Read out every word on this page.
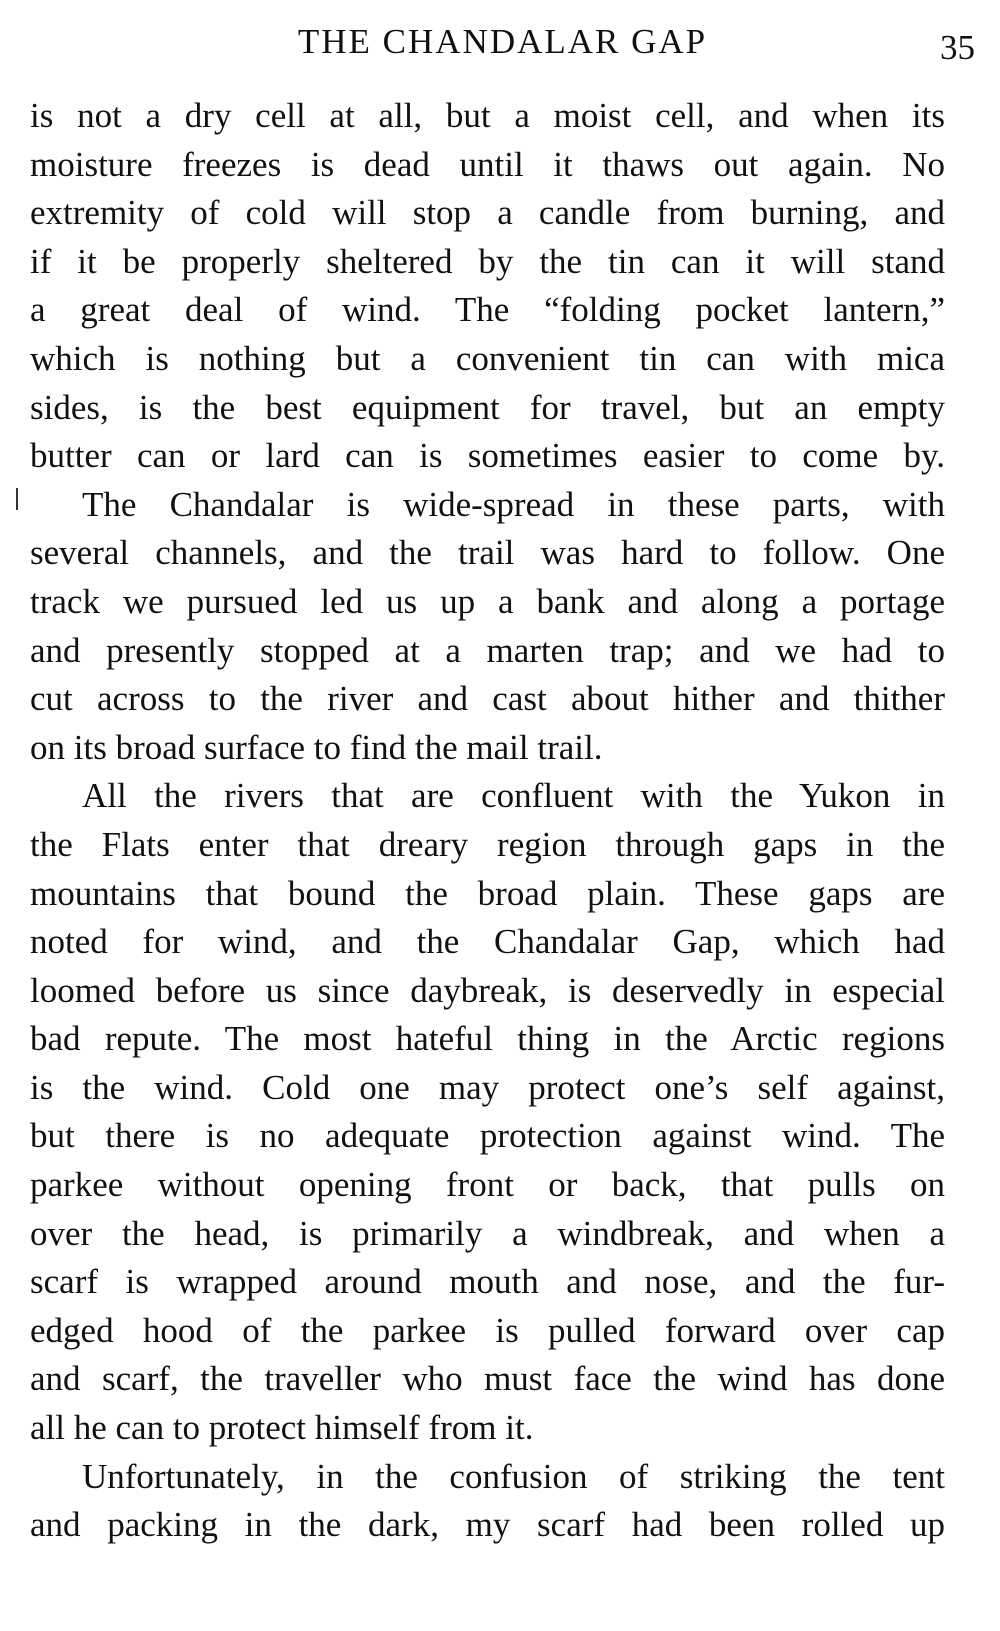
THE CHANDALAR GAP	35
is not a dry cell at all, but a moist cell, and when its
moisture freezes is dead until it thaws out again. No
extremity of cold will stop a candle from burning, and
if it be properly sheltered by the tin can it will stand
a great deal of wind. The “folding pocket lantern,”
which is nothing but a convenient tin can with mica
sides, is the best equipment for travel, but an empty
butter can or lard can is sometimes easier to come by.
The Chandalar is wide-spread in these parts, with
several channels, and the trail was hard to follow. One
track we pursued led us up a bank and along a portage
and presently stopped at a marten trap; and we had to
cut across to the river and cast about hither and thither
on its broad surface to find the mail trail.
All the rivers that are confluent with the Yukon in
the Flats enter that dreary region through gaps in the
mountains that bound the broad plain. These gaps are
noted for wind, and the Chandalar Gap, which had
loomed before us since daybreak, is deservedly in especial
bad repute. The most hateful thing in the Arctic regions
is the wind. Cold one may protect one’s self against,
but there is no adequate protection against wind. The
parkee without opening front or back, that pulls on
over the head, is primarily a windbreak, and when a
scarf is wrapped around mouth and nose, and the fur-
edged hood of the parkee is pulled forward over cap
and scarf, the traveller who must face the wind has done
all he can to protect himself from it.
Unfortunately, in the confusion of striking the tent
and packing in the dark, my scarf had been rolled up
